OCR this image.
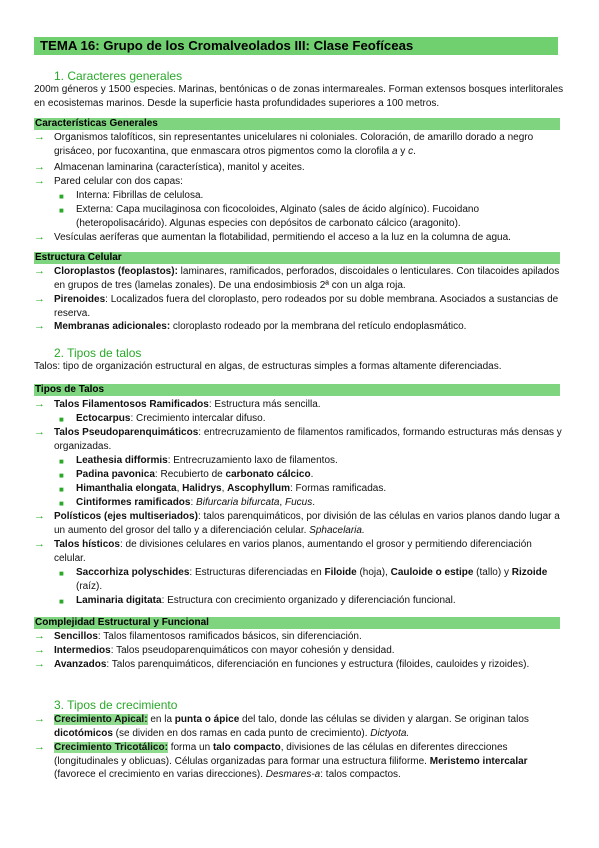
TEMA 16: Grupo de los Cromalveolados III: Clase Feofíceas
1. Caracteres generales
200m géneros y 1500 especies. Marinas, bentónicas o de zonas intermareales. Forman extensos bosques interlitorales en ecosistemas marinos. Desde la superficie hasta profundidades superiores a 100 metros.
Características Generales
→ Organismos talofíticos, sin representantes unicelulares ni coloniales. Coloración, de amarillo dorado a negro grisáceo, por fucoxantina, que enmascara otros pigmentos como la clorofila a y c.
→ Almacenan laminarina (característica), manitol y aceites.
→ Pared celular con dos capas:
■ Interna: Fibrillas de celulosa.
■ Externa: Capa mucilaginosa con ficocoloides, Alginato (sales de ácido algínico). Fucoidano (heteropolisacárido). Algunas especies con depósitos de carbonato cálcico (aragonito).
→ Vesículas aeríferas que aumentan la flotabilidad, permitiendo el acceso a la luz en la columna de agua.
Estructura Celular
→ Cloroplastos (feoplastos): laminares, ramificados, perforados, discoidales o lenticulares. Con tilacoides apilados en grupos de tres (lamelas zonales). De una endosimbiosis 2ª con un alga roja.
→ Pirenoides: Localizados fuera del cloroplasto, pero rodeados por su doble membrana. Asociados a sustancias de reserva.
→ Membranas adicionales: cloroplasto rodeado por la membrana del retículo endoplasmático.
2. Tipos de talos
Talos: tipo de organización estructural en algas, de estructuras simples a formas altamente diferenciadas.
Tipos de Talos
→ Talos Filamentosos Ramificados: Estructura más sencilla.
■ Ectocarpus: Crecimiento intercalar difuso.
→ Talos Pseudoparenquimáticos: entrecruzamiento de filamentos ramificados, formando estructuras más densas y organizadas.
■ Leathesia difformis: Entrecruzamiento laxo de filamentos.
■ Padina pavonica: Recubierto de carbonato cálcico.
■ Himanthalia elongata, Halidrys, Ascophyllum: Formas ramificadas.
■ Cintiformes ramificados: Bifurcaria bifurcata, Fucus.
→ Polísticos (ejes multiseriados): talos parenquimáticos, por división de las células en varios planos dando lugar a un aumento del grosor del tallo y a diferenciación celular. Sphacelaria.
→ Talos hísticos: de divisiones celulares en varios planos, aumentando el grosor y permitiendo diferenciación celular.
■ Saccorhiza polyschides: Estructuras diferenciadas en Filoide (hoja), Cauloide o estipe (tallo) y Rizoide (raíz).
■ Laminaria digitata: Estructura con crecimiento organizado y diferenciación funcional.
Complejidad Estructural y Funcional
→ Sencillos: Talos filamentosos ramificados básicos, sin diferenciación.
→ Intermedios: Talos pseudoparenquimáticos con mayor cohesión y densidad.
→ Avanzados: Talos parenquimáticos, diferenciación en funciones y estructura (filoides, cauloides y rizoides).
3. Tipos de crecimiento
→ Crecimiento Apical: en la punta o ápice del talo, donde las células se dividen y alargan. Se originan talos dicotómicos (se dividen en dos ramas en cada punto de crecimiento). Dictyota.
→ Crecimiento Tricotálico: forma un talo compacto, divisiones de las células en diferentes direcciones (longitudinales y oblicuas). Células organizadas para formar una estructura filiforme. Meristemo intercalar (favorece el crecimiento en varias direcciones). Desmares-a: talos compactos.
